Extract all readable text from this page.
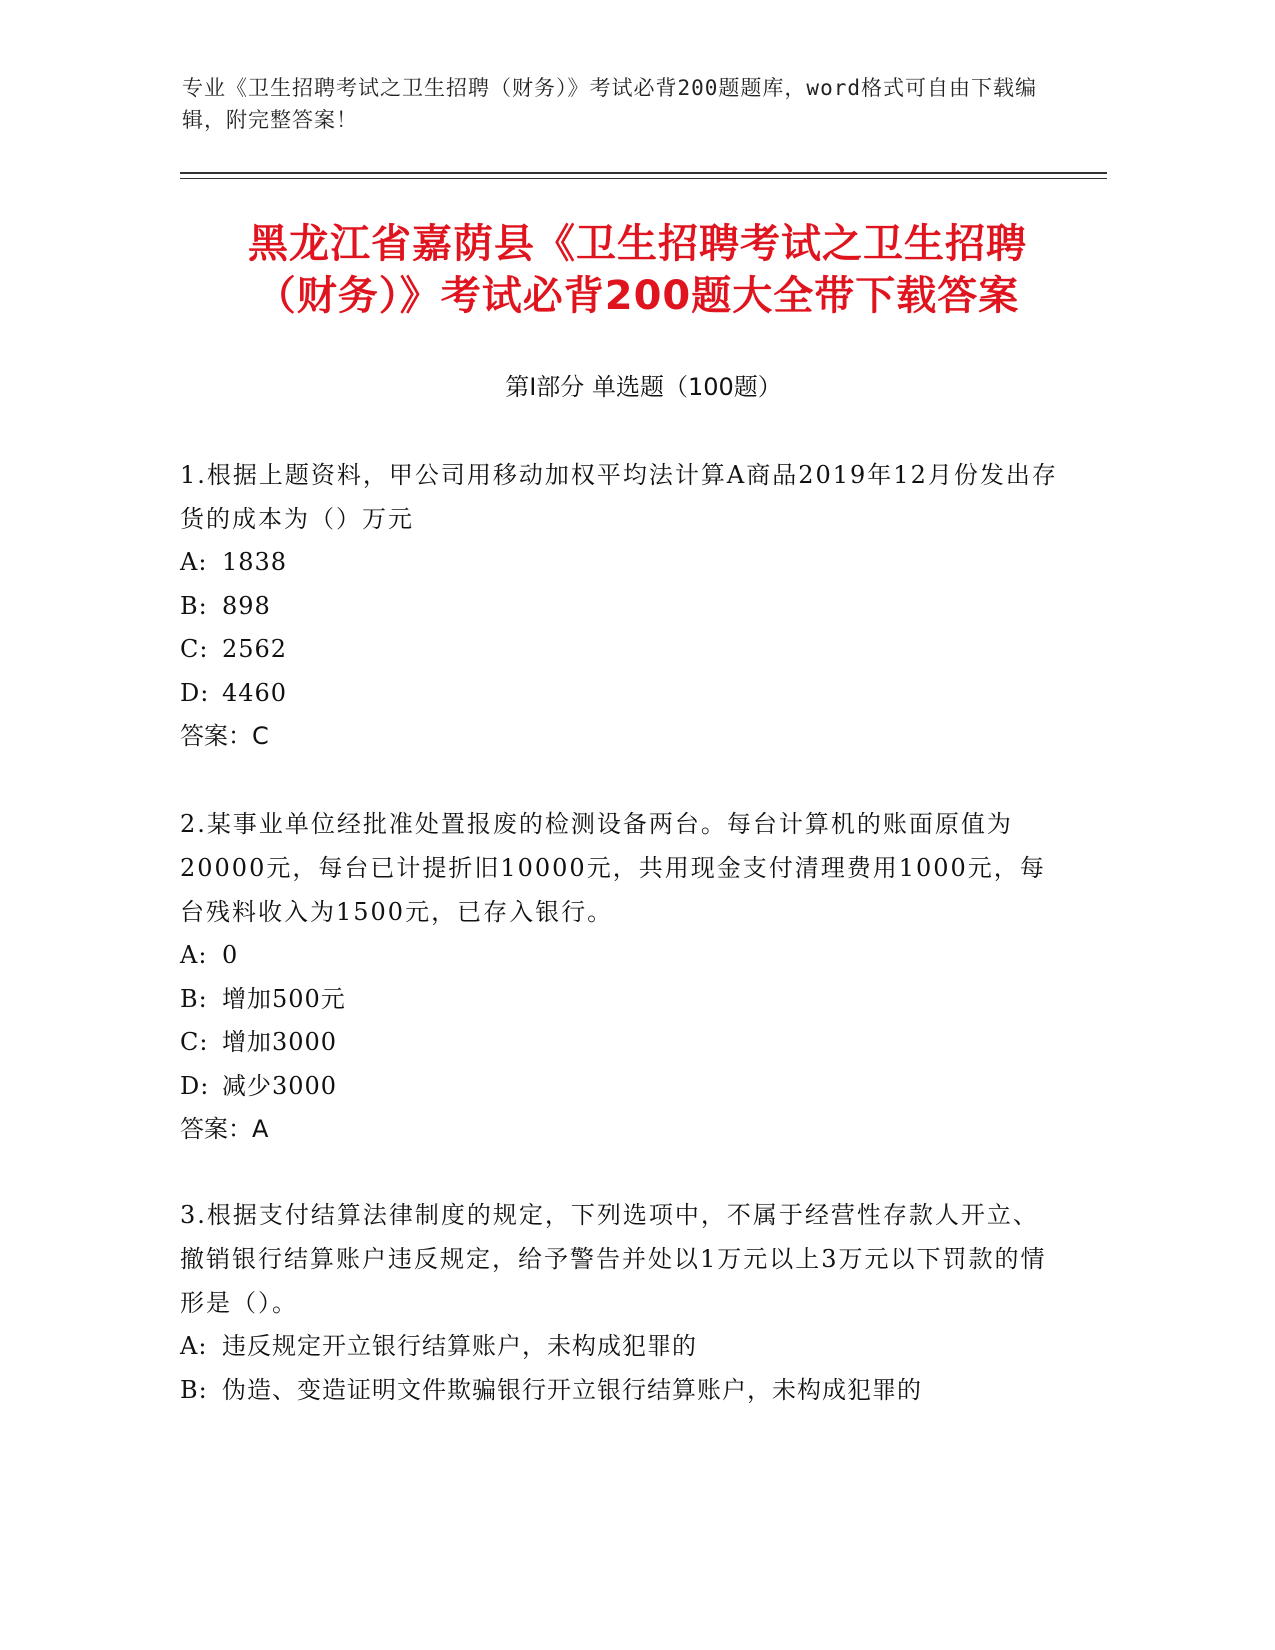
专业《卫生招聘考试之卫生招聘（财务）》考试必背200题题库，word格式可自由下载编辑，附完整答案！
黑龙江省嘉荫县《卫生招聘考试之卫生招聘
（财务）》考试必背200题大全带下载答案
第Ⅰ部分 单选题（100题）

1.根据上题资料，甲公司用移动加权平均法计算A商品2019年12月份发出存货的成本为（）万元

A: 1838

B: 898

C: 2562

D: 4460

答案：C

2.某事业单位经批准处置报废的检测设备两台。每台计算机的账面原值为20000元，每台已计提折旧10000元，共用现金支付清理费用1000元，每台残料收入为1500元，已存入银行。

A: 0

B: 增加500元

C: 增加3000

D: 减少3000

答案：A

3.根据支付结算法律制度的规定，下列选项中，不属于经营性存款人开立、撤销银行结算账户违反规定，给予警告并处以1万元以上3万元以下罚款的情形是（）。

A: 违反规定开立银行结算账户，未构成犯罪的

B: 伪造、变造证明文件欺骗银行开立银行结算账户，未构成犯罪的
